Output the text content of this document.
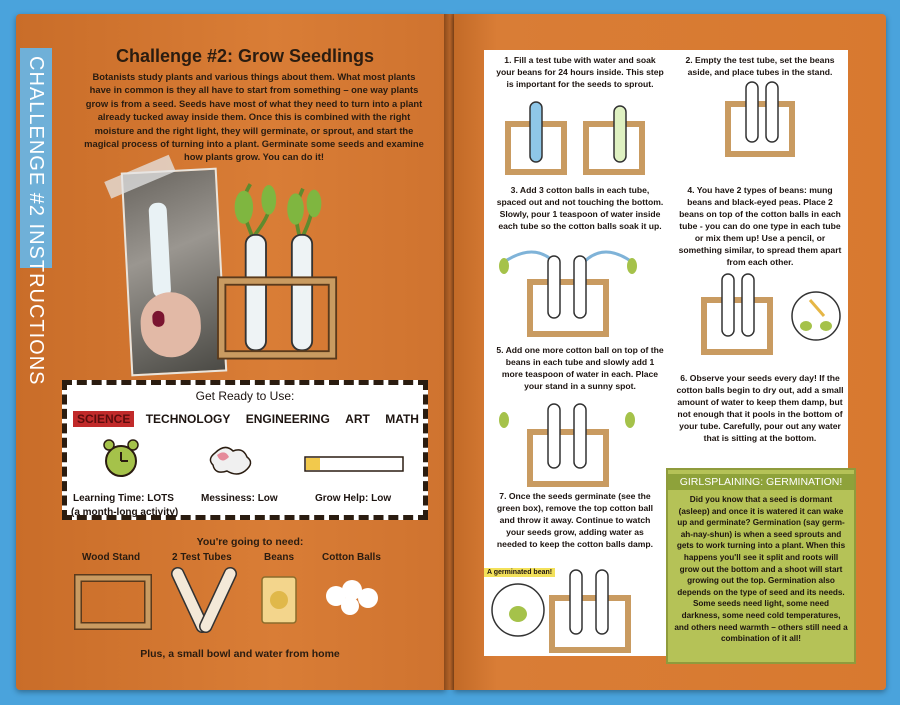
CHALLENGE #2 INSTRUCTIONS	Challenge #2: Grow Seedlings
Botanists study plants and various things about them. What most plants have in common is they all have to start from something – one way plants grow is from a seed. Seeds have most of what they need to turn into a plant already tucked away inside them. Once this is combined with the right moisture and the right light, they will germinate, or sprout, and start the magical process of turning into a plant. Germinate some seeds and examine how plants grow. You can do it!
Get Ready to Use:
SCIENCE	TECHNOLOGY	ENGINEERING	ART	MATH
Learning Time: LOTS
(a month-long activity)
Messiness: Low	Grow Help: Low
You're going to need:
Wood Stand	2 Test Tubes	Beans	Cotton Balls
Plus, a small bowl and water from home
1. Fill a test tube with water and soak your beans for 24 hours inside. This step is important for the seeds to sprout.
2. Empty the test tube, set the beans aside, and place tubes in the stand.
3. Add 3 cotton balls in each tube, spaced out and not touching the bottom. Slowly, pour 1 teaspoon of water inside each tube so the cotton balls soak it up.
4. You have 2 types of beans: mung beans and black-eyed peas. Place 2 beans on top of the cotton balls in each tube - you can do one type in each tube or mix them up! Use a pencil, or something similar, to spread them apart from each other.
5. Add one more cotton ball on top of the beans in each tube and slowly add 1 more teaspoon of water in each. Place your stand in a sunny spot.
6. Observe your seeds every day! If the cotton balls begin to dry out, add a small amount of water to keep them damp, but not enough that it pools in the bottom of your tube. Carefully, pour out any water that is sitting at the bottom.
7. Once the seeds germinate (see the green box), remove the top cotton ball and throw it away. Continue to watch your seeds grow, adding water as needed to keep the cotton balls damp.
A germinated bean!
GIRLSPLAINING: GERMINATION!
Did you know that a seed is dormant (asleep) and once it is watered it can wake up and germinate? Germination (say germ-ah-nay-shun) is when a seed sprouts and gets to work turning into a plant. When this happens you'll see it split and roots will grow out the bottom and a shoot will start growing out the top. Germination also depends on the type of seed and its needs. Some seeds need light, some need darkness, some need cold temperatures, and others need warmth – others still need a combination of it all!
